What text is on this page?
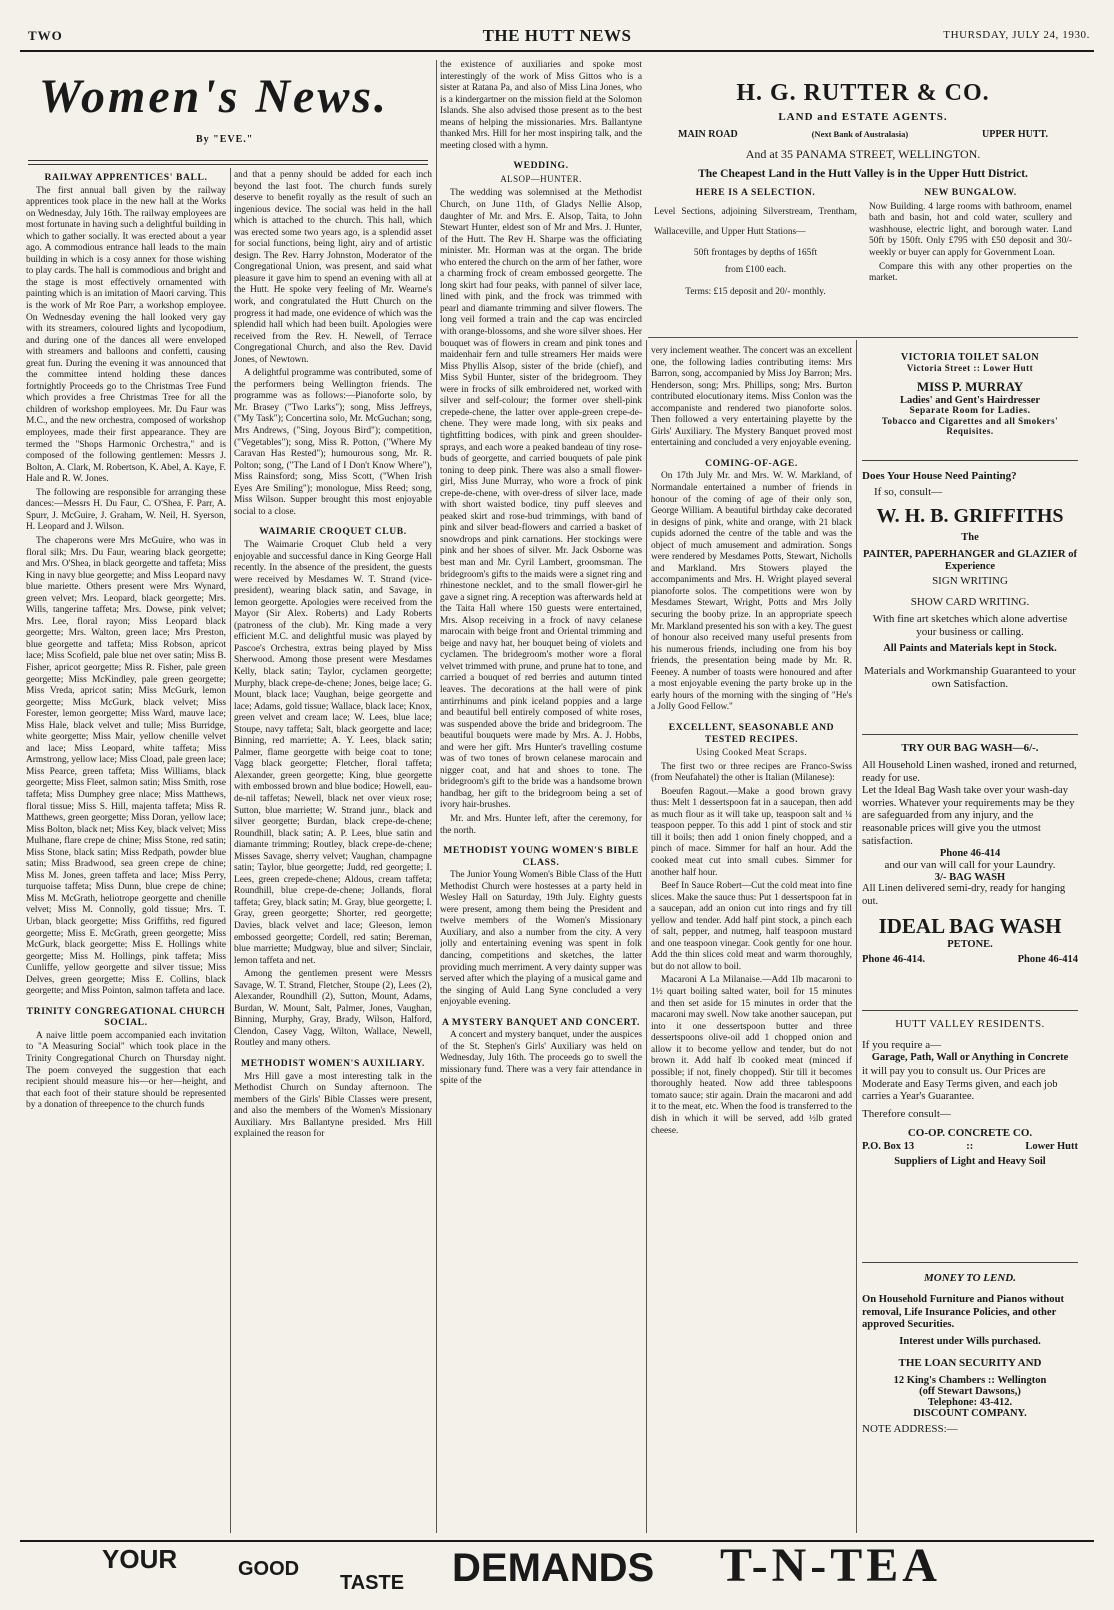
TWO	THE HUTT NEWS	THURSDAY, JULY 24, 1930.
Women's News.
By "EVE."
RAILWAY APPRENTICES' BALL.

The first annual ball given by the railway apprentices took place in the new hall at the Works on Wednesday, July 16th. The railway employees are most fortunate in having such a delightful building in which to gather socially. It was erected about a year ago. A commodious entrance hall leads to the main building in which is a cosy annex for those wishing to play cards. The hall is commodious and bright and the stage is most effectively ornamented with painting which is an imitation of Maori carving. This is the work of Mr Roe Parr, a workshop employee. On Wednesday evening the hall looked very gay with its streamers, coloured lights and lycopodium, and during one of the dances all were enveloped with streamers and balloons and confetti, causing great fun. During the evening it was announced that the committee intend holding these dances fortnightly Proceeds go to the Christmas Tree Fund which provides a free Christmas Tree for all the children of workshop employees. Mr. Du Faur was M.C., and the new orchestra, composed of workshop employees, made their first appearance. They are termed the "Shops Harmonic Orchestra," and is composed of the following gentlemen: Messrs J. Bolton, A. Clark, M. Robertson, K. Abel, A. Kaye, F. Hale and R. W. Jones.

The following are responsible for arranging these dances:—Messrs H. Du Faur, C. O'Shea, F. Parr, A. Spurr, J. McGuire, J. Graham, W. Neil, H. Syerson, H. Leopard and J. Wilson.

The chaperons were Mrs McGuire, who was in floral silk; Mrs. Du Faur, wearing black georgette; and Mrs. O'Shea, in black georgette and taffeta; Miss King in navy blue georgette; and Miss Leopard navy blue mariette. Others present were Mrs Wynard, green velvet; Mrs. Leopard, black georgette; Mrs. Wills, tangerine taffeta; Mrs. Dowse, pink velvet; Mrs. Lee, floral rayon; Miss Leopard black georgette; Mrs. Walton, green lace; Mrs Preston, blue georgette and taffeta; Miss Robson, apricot lace; Miss Scofield, pale blue net over satin; Miss B. Fisher, apricot georgette; Miss R. Fisher, pale green georgette; Miss McKindley, pale green georgette; Miss Vreda, apricot satin; Miss McGurk, lemon georgette; Miss McGurk, black velvet; Miss Forester, lemon georgette; Miss Ward, mauve lace; Miss Hale, black velvet and tulle; Miss Burridge, white georgette; Miss Mair, yellow chenille velvet and lace; Miss Leopard, white taffeta; Miss Armstrong, yellow lace; Miss Cload, pale green lace; Miss Pearce, green taffeta; Miss Williams, black georgette; Miss Fleet, salmon satin; Miss Smith, rose taffeta; Miss Dumphey gree nlace; Miss Matthews, floral tissue; Miss S. Hill, majenta taffeta; Miss R. Matthews, green georgette; Miss Doran, yellow lace; Miss Bolton, black net; Miss Key, black velvet; Miss Mulhane, flare crepe de chine; Miss Stone, red satin; Miss Stone, black satin; Miss Redpath, powder blue satin; Miss Bradwood, sea green crepe de chine; Miss M. Jones, green taffeta and lace; Miss Perry, turquoise taffeta; Miss Dunn, blue crepe de chine; Miss M. McGrath, heliotrope georgette and chenille velvet; Miss M. Connolly, gold tissue; Mrs. T. Urban, black georgette; Miss Griffiths, red figured georgette; Miss E. McGrath, green georgette; Miss McGurk, black georgette; Miss E. Hollings white georgette; Miss M. Hollings, pink taffeta; Miss Cunliffe, yellow georgette and silver tissue; Miss Delves, green georgette; Miss E. Collins, black georgette; and Miss Pointon, salmon taffeta and lace.

TRINITY CONGREGATIONAL CHURCH SOCIAL.

A naive little poem accompanied each invitation to "A Measuring Social" which took place in the Trinity Congregational Church on Thursday night. The poem conveyed the suggestion that each recipient should measure his—or her—height, and that each foot of their stature should be represented by a donation of threepence to the church funds

and that a penny should be added for each inch beyond the last foot. The church funds surely deserve to benefit royally as the result of such an ingenious device. The social was held in the hall which is attached to the church. This hall, which was erected some two years ago, is a splendid asset for social functions, being light, airy and of artistic design. The Rev. Harry Johnston, Moderator of the Congregational Union, was present, and said what pleasure it gave him to spend an evening with all at the Hutt. He spoke very feeling of Mr. Wearne's work, and congratulated the Hutt Church on the progress it had made, one evidence of which was the splendid hall which had been built. Apologies were received from the Rev. H. Newell, of Terrace Congregational Church, and also the Rev. David Jones, of Newtown.

A delightful programme was contributed, some of the performers being Wellington friends. The programme was as follows:—Pianoforte solo, by Mr. Brasey ("Two Larks"); song, Miss Jeffreys, ("My Task"); Concertina solo, Mr. McGuchan; song, Mrs Andrews, ("Sing, Joyous Bird"); competition, ("Vegetables"); song, Miss R. Potton, ("Where My Caravan Has Rested"); humourous song, Mr. R. Polton; song, ("The Land of I Don't Know Where"), Miss Rainsford; song, Miss Scott, ("When Irish Eyes Are Smiling"); monologue, Miss Reed; song, Miss Wilson. Supper brought this most enjoyable social to a close.

WAIMARIE CROQUET CLUB.

The Waimarie Croquet Club held a very enjoyable and successful dance in King George Hall recently. In the absence of the president, the guests were received by Mesdames W. T. Strand (vice-president), wearing black satin, and Savage, in lemon georgette. Apologies were received from the Mayor (Sir Alex. Roberts) and Lady Roberts (patroness of the club). Mr. King made a very efficient M.C. and delightful music was played by Pascoe's Orchestra, extras being played by Miss Sherwood. Among those present were Mesdames Kelly, black satin; Taylor, cyclamen georgette; Murphy, black crepe-de-chene; Jones, beige lace; G. Mount, black lace; Vaughan, beige georgette and lace; Adams, gold tissue; Wallace, black lace; Knox, green velvet and cream lace; W. Lees, blue lace; Stoupe, navy taffeta; Salt, black georgette and lace; Binning, red marriette; A. Y. Lees, black satin; Palmer, flame georgette with beige coat to tone; Vagg black georgette; Fletcher, floral taffeta; Alexander, green georgette; King, blue georgette with embossed brown and blue bodice; Howell, eau-de-nil taffetas; Newell, black net over vieux rose; Sutton, blue marriette; W. Strand junr., black and silver georgette; Burdan, black crepe-de-chene; Roundhill, black satin; A. P. Lees, blue satin and diamante trimming; Routley, black crepe-de-chene; Misses Savage, sherry velvet; Vaughan, champagne satin; Taylor, blue georgette; Judd, red georgette; I. Lees, green crepede-chene; Aldous, cream taffeta; Roundhill, blue crepe-de-chene; Jollands, floral taffeta; Grey, black satin; M. Gray, blue georgette; I. Gray, green georgette; Shorter, red georgette; Davies, black velvet and lace; Gleeson, lemon embossed georgette; Cordell, red satin; Bereman, blue marriette; Mudgway, blue and silver; Sinclair, lemon taffeta and net.

Among the gentlemen present were Messrs Savage, W. T. Strand, Fletcher, Stoupe (2), Lees (2), Alexander, Roundhill (2), Sutton, Mount, Adams, Burdan, W. Mount, Salt, Palmer, Jones, Vaughan, Binning, Murphy, Gray, Brady, Wilson, Halford, Clendon, Casey Vagg, Wilton, Wallace, Newell, Routley and many others.

METHODIST WOMEN'S AUXILIARY.

Mrs Hill gave a most interesting talk in the Methodist Church on Sunday afternoon. The members of the Girls' Bible Classes were present, and also the members of the Women's Missionary Auxiliary. Mrs Ballantyne presided. Mrs Hill explained the reason for

the existence of auxiliaries and spoke most interestingly of the work of Miss Gittos who is a sister at Ratana Pa, and also of Miss Lina Jones, who is a kindergartner on the mission field at the Solomon Islands. She also advised those present as to the best means of helping the missionaries. Mrs. Ballantyne thanked Mrs. Hill for her most inspiring talk, and the meeting closed with a hymn.

WEDDING.
ALSOP—HUNTER.

The wedding was solemnised at the Methodist Church, on June 11th, of Gladys Nellie Alsop, daughter of Mr. and Mrs. E. Alsop, Taita, to John Stewart Hunter, eldest son of Mr and Mrs. J. Hunter, of the Hutt. The Rev H. Sharpe was the officiating minister. Mr. Horman was at the organ. The bride who entered the church on the arm of her father, wore a charming frock of cream embossed georgette. The long skirt had four peaks, with pannel of silver lace, lined with pink, and the frock was trimmed with pearl and diamante trimming and silver flowers. The long veil formed a train and the cap was encircled with orange-blossoms, and she wore silver shoes. Her bouquet was of flowers in cream and pink tones and maidenhair fern and tulle streamers Her maids were Miss Phyllis Alsop, sister of the bride (chief), and Miss Sybil Hunter, sister of the bridegroom. They were in frocks of silk embroidered net, worked with silver and self-colour; the former over shell-pink crepede-chene, the latter over apple-green crepe-de-chene. They were made long, with six peaks and tightfitting bodices, with pink and green shoulder-sprays, and each wore a peaked bandeau of tiny rose-buds of georgette, and carried bouquets of pale pink toning to deep pink. There was also a small flower-girl, Miss June Murray, who wore a frock of pink crepe-de-chene, with over-dress of silver lace, made with short waisted bodice, tiny puff sleeves and peaked skirt and rose-bud trimmings, with band of pink and silver bead-flowers and carried a basket of snowdrops and pink carnations. Her stockings were pink and her shoes of silver. Mr. Jack Osborne was best man and Mr. Cyril Lambert, groomsman. The bridegroom's gifts to the maids were a signet ring and rhinestone necklet, and to the small flower-girl he gave a signet ring. A reception was afterwards held at the Taita Hall where 150 guests were entertained, Mrs. Alsop receiving in a frock of navy celanese marocain with beige front and Oriental trimming and beige and navy hat, her bouquet being of violets and cyclamen. The bridegroom's mother wore a floral velvet trimmed with prune, and prune hat to tone, and carried a bouquet of red berries and autumn tinted leaves. The decorations at the hall were of pink antirrhinums and pink iceland poppies and a large and beautiful bell entirely composed of white roses, was suspended above the bride and bridegroom. The beautiful bouquets were made by Mrs. A. J. Hobbs, and were her gift. Mrs Hunter's travelling costume was of two tones of brown celanese marocain and nigger coat, and hat and shoes to tone. The bridegroom's gift to the bride was a handsome brown handbag, her gift to the bridegroom being a set of ivory hair-brushes.

Mr. and Mrs. Hunter left, after the ceremony, for the north.

METHODIST YOUNG WOMEN'S BIBLE CLASS.

The Junior Young Women's Bible Class of the Hutt Methodist Church were hostesses at a party held in Wesley Hall on Saturday, 19th July. Eighty guests were present, among them being the President and twelve members of the Women's Missionary Auxiliary, and also a number from the city. A very jolly and entertaining evening was spent in folk dancing, competitions and sketches, the latter providing much merriment. A very dainty supper was served after which the playing of a musical game and the singing of Auld Lang Syne concluded a very enjoyable evening.

A MYSTERY BANQUET AND CONCERT.

A concert and mystery banquet, under the auspices of the St. Stephen's Girls' Auxiliary was held on Wednesday, July 16th. The proceeds go to swell the missionary fund. There was a very fair attendance in spite of the

very inclement weather. The concert was an excellent one, the following ladies contributing items: Mrs Barron, song, accompanied by Miss Joy Barron; Mrs. Henderson, song; Mrs. Phillips, song; Mrs. Burton contributed elocutionary items. Miss Conlon was the accompaniste and rendered two pianoforte solos. Then followed a very entertaining playette by the Girls' Auxiliary. The Mystery Banquet proved most entertaining and concluded a very enjoyable evening.

COMING-OF-AGE.

On 17th July Mr. and Mrs. W. W. Markland, of Normandale entertained a number of friends in honour of the coming of age of their only son, George William. A beautiful birthday cake decorated in designs of pink, white and orange, with 21 black cupids adorned the centre of the table and was the object of much amusement and admiration. Songs were rendered by Mesdames Potts, Stewart, Nicholls and Markland. Mrs Stowers played the accompaniments and Mrs. H. Wright played several pianoforte solos. The competitions were won by Mesdames Stewart, Wright, Potts and Mrs Jolly securing the booby prize. In an appropriate speech Mr. Markland presented his son with a key. The guest of honour also received many useful presents from his numerous friends, including one from his boy friends, the presentation being made by Mr. R. Feeney. A number of toasts were honoured and after a most enjoyable evening the party broke up in the early hours of the morning with the singing of "He's a Jolly Good Fellow."

EXCELLENT, SEASONABLE AND TESTED RECIPES.
Using Cooked Meat Scraps.

The first two or three recipes are Franco-Swiss (from Neufahatel) the other is Italian (Milanese):

Boeufen Ragout.—Make a good brown gravy thus: Melt 1 dessertspoon fat in a saucepan, then add as much flour as it will take up, teaspoon salt and ¼ teaspoon pepper. To this add 1 pint of stock and stir till it boils; then add 1 onion finely chopped, and a pinch of mace. Simmer for half an hour. Add the cooked meat cut into small cubes. Simmer for another half hour.

Beef In Sauce Robert—Cut the cold meat into fine slices. Make the sauce thus: Put 1 dessertspoon fat in a saucepan, add an onion cut into rings and fry till yellow and tender. Add half pint stock, a pinch each of salt, pepper, and nutmeg, half teaspoon mustard and one teaspoon vinegar. Cook gently for one hour. Add the thin slices cold meat and warm thoroughly, but do not allow to boil.

Macaroni A La Milanaise.—Add 1lb macaroni to 1½ quart boiling salted water, boil for 15 minutes and then set aside for 15 minutes in order that the macaroni may swell. Now take another saucepan, put into it one dessertspoon butter and three dessertspoons olive-oil add 1 chopped onion and allow it to become yellow and tender, but do not brown it. Add half lb cooked meat (minced if possible; if not, finely chopped). Stir till it becomes thoroughly heated. Now add three tablespoons tomato sauce; stir again. Drain the macaroni and add it to the meat, etc. When the food is transferred to the dish in which it will be served, add ½lb grated cheese.

H. G. RUTTER & CO.
LAND and ESTATE AGENTS.
MAIN ROAD	(Next Bank of Australasia)	UPPER HUTT.
And at 35 PANAMA STREET, WELLINGTON.
The Cheapest Land in the Hutt Valley is in the Upper Hutt District.
HERE IS A SELECTION.
Level Sections, adjoining Silverstream, Trentham, Wallaceville, and Upper Hutt Stations—
50ft frontages by depths of 165ft
from £100 each.
Terms: £15 deposit and 20/- monthly.
NEW BUNGALOW.
Now Building. 4 large rooms with bathroom, enamel bath and basin, hot and cold water, scullery and washhouse, electric light, and borough water. Land 50ft by 150ft. Only £795 with £50 deposit and 30/- weekly or buyer can apply for Government Loan.
Compare this with any other properties on the market.
VICTORIA TOILET SALON
Victoria Street :: Lower Hutt
MISS P. MURRAY
Ladies' and Gent's Hairdresser
Separate Room for Ladies.
Tobacco and Cigarettes and all Smokers' Requisites.
Does Your House Need Painting?
If so, consult—
W. H. B. GRIFFITHS
The
PAINTER, PAPERHANGER and GLAZIER of Experience
SIGN WRITING
SHOW CARD WRITING.
With fine art sketches which alone advertise your business or calling.
All Paints and Materials kept in Stock.
Materials and Workmanship Guaranteed to your own Satisfaction.
TRY OUR BAG WASH—6/-.
All Household Linen washed, ironed and returned, ready for use.
Let the Ideal Bag Wash take over your wash-day worries. Whatever your requirements may be they are safeguarded from any injury, and the reasonable prices will give you the utmost satisfaction.
Phone 46-414
and our van will call for your Laundry.
3/- BAG WASH
All Linen delivered semi-dry, ready for hanging out.
IDEAL BAG WASH
PETONE.
Phone 46-414.	Phone 46-414
HUTT VALLEY RESIDENTS.
If you require a—
Garage, Path, Wall or Anything in Concrete
it will pay you to consult us. Our Prices are Moderate and Easy Terms given, and each job carries a Year's Guarantee.
Therefore consult—
CO-OP. CONCRETE CO.
P.O. Box 13	::	Lower Hutt
Suppliers of Light and Heavy Soil
MONEY TO LEND.
On Household Furniture and Pianos without removal, Life Insurance Policies, and other approved Securities.
Interest under Wills purchased.
THE LOAN SECURITY AND
12 King's Chambers :: Wellington
(off Stewart Dawsons,)
Telephone: 43-412.
DISCOUNT COMPANY.
NOTE ADDRESS:—
YOUR	GOOD
TASTE DEMANDS T-N-TEA
